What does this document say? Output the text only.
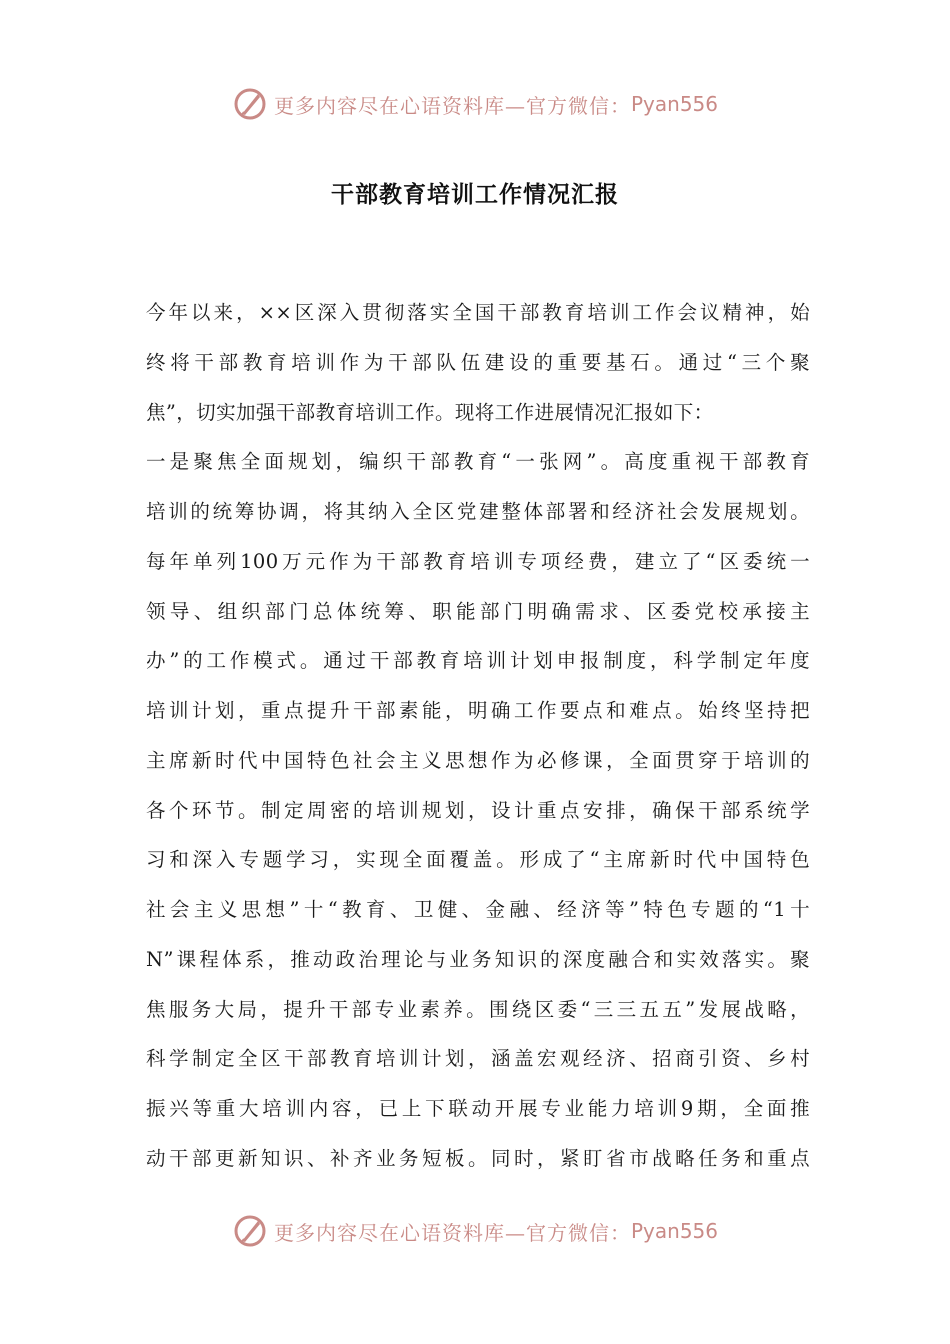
更多内容尽在心语资料库—官方微信： Pyan556
干部教育培训工作情况汇报
今年以来，××区深入贯彻落实全国干部教育培训工作会议精神，始
终将干部教育培训作为干部队伍建设的重要基石。通过“三个聚
焦”，切实加强干部教育培训工作。现将工作进展情况汇报如下：
一是聚焦全面规划，编织干部教育“一张网”。高度重视干部教育
培训的统筹协调，将其纳入全区党建整体部署和经济社会发展规划。
每年单列100万元作为干部教育培训专项经费，建立了“区委统一
领导、组织部门总体统筹、职能部门明确需求、区委党校承接主
办”的工作模式。通过干部教育培训计划申报制度，科学制定年度
培训计划，重点提升干部素能，明确工作要点和难点。始终坚持把
主席新时代中国特色社会主义思想作为必修课，全面贯穿于培训的
各个环节。制定周密的培训规划，设计重点安排，确保干部系统学
习和深入专题学习，实现全面覆盖。形成了“主席新时代中国特色
社会主义思想”十“教育、卫健、金融、经济等”特色专题的“1十
N”课程体系，推动政治理论与业务知识的深度融合和实效落实。聚
焦服务大局，提升干部专业素养。围绕区委“三三五五”发展战略，
科学制定全区干部教育培训计划，涵盖宏观经济、招商引资、乡村
振兴等重大培训内容，已上下联动开展专业能力培训9期，全面推
动干部更新知识、补齐业务短板。同时，紧盯省市战略任务和重点
更多内容尽在心语资料库—官方微信： Pyan556
